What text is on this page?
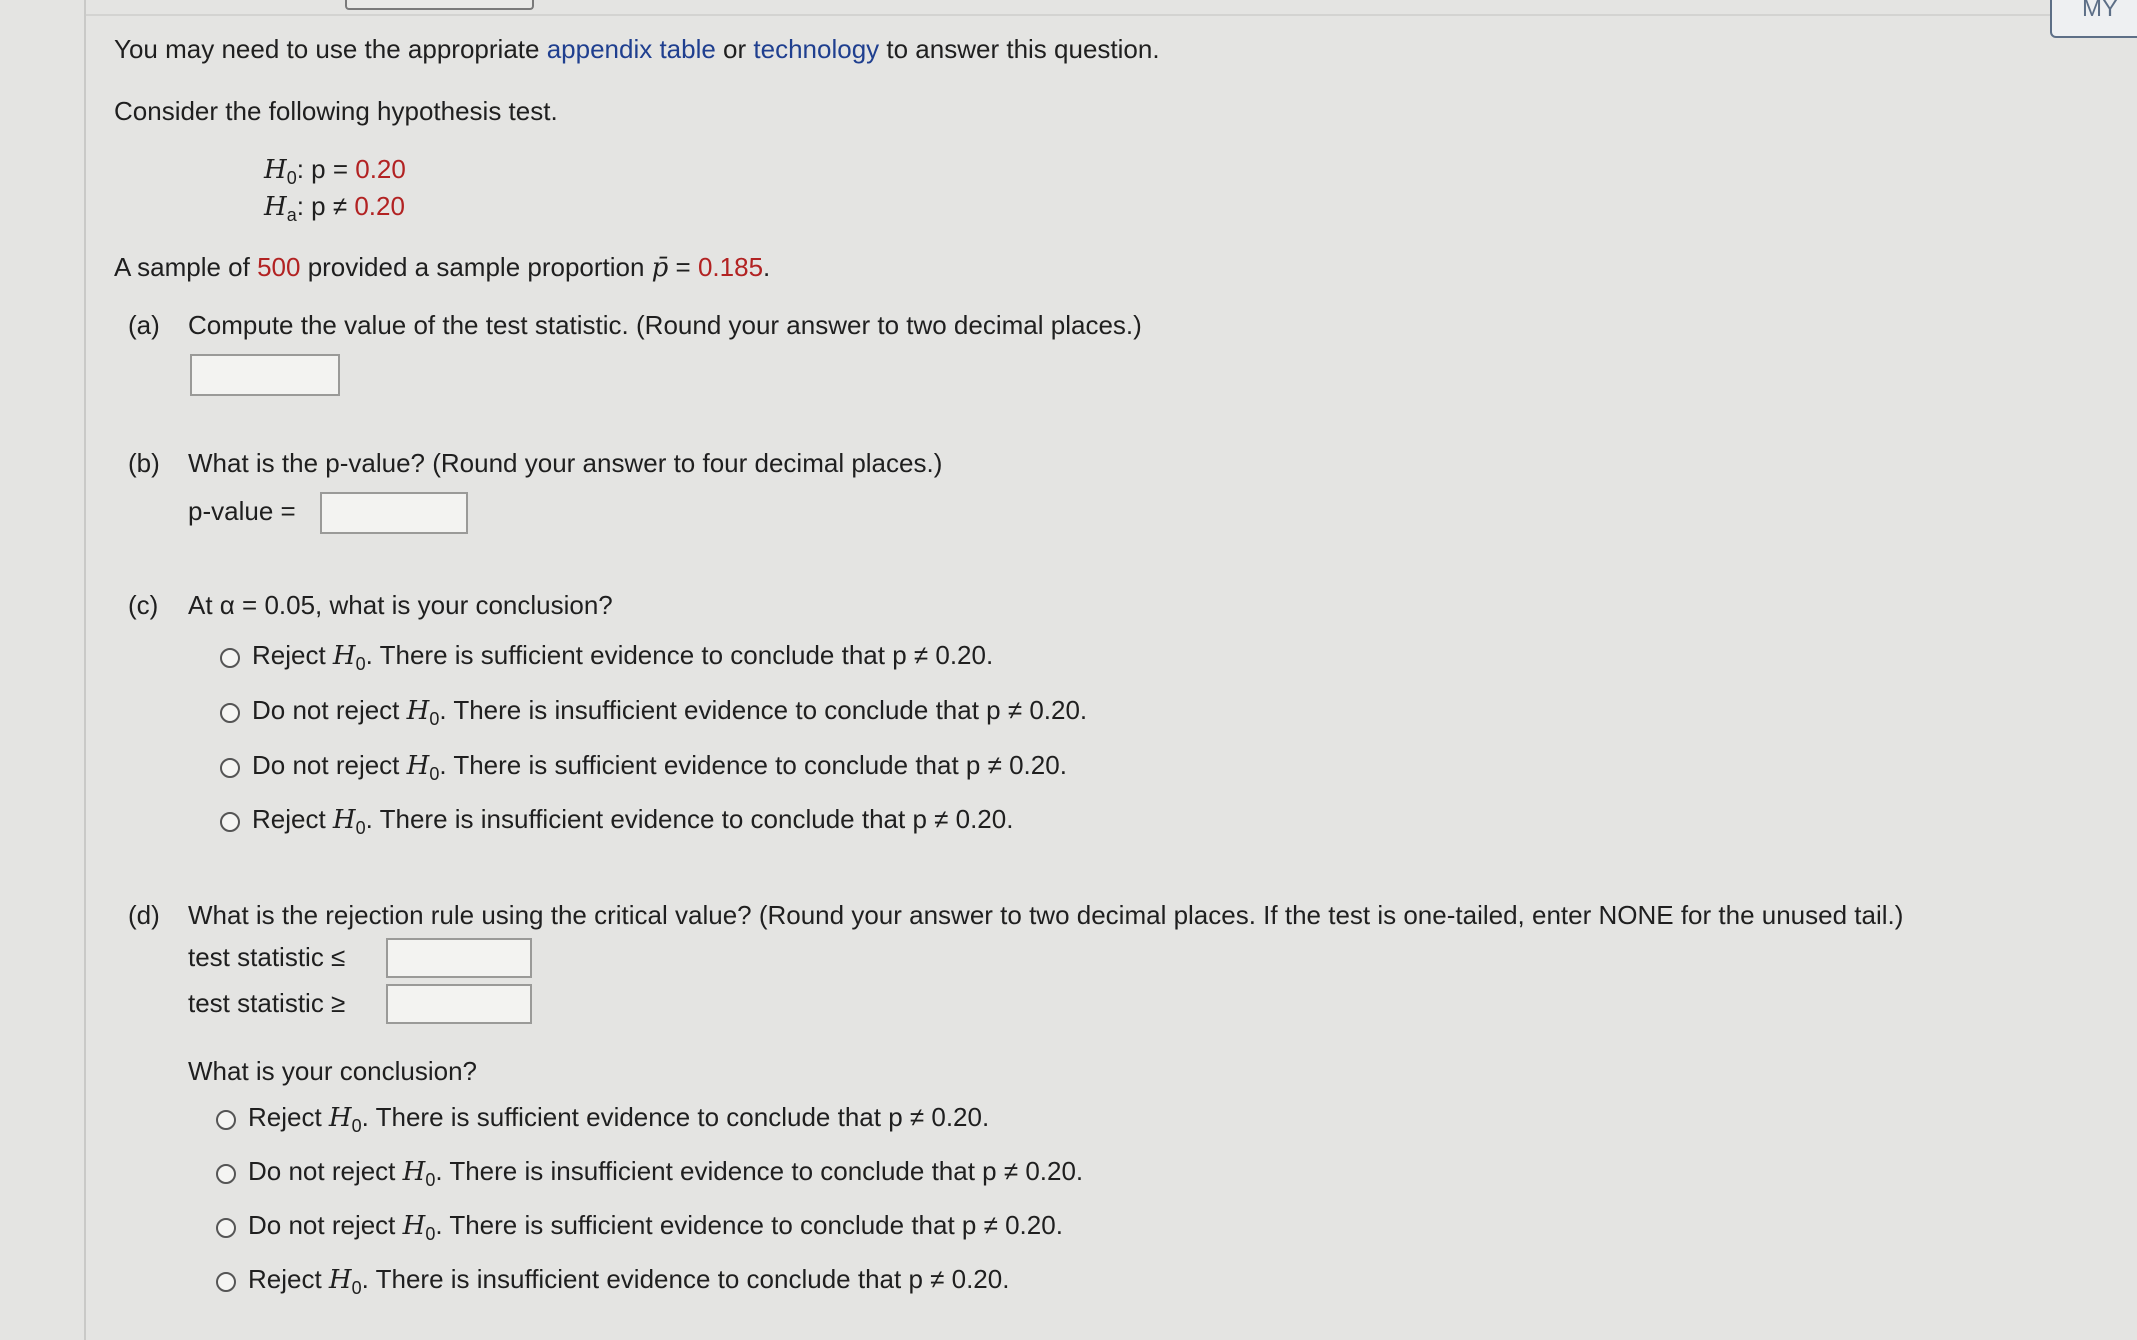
MY
You may need to use the appropriate appendix table or technology to answer this question.
Consider the following hypothesis test.
$H_0$: p = 0.20
$H_a$: p ≠ 0.20
A sample of 500 provided a sample proportion p̄ = 0.185.
(a) Compute the value of the test statistic. (Round your answer to two decimal places.)
(b) What is the p-value? (Round your answer to four decimal places.)
p-value =
(c) At α = 0.05, what is your conclusion?
Reject $H_0$. There is sufficient evidence to conclude that p ≠ 0.20.
Do not reject $H_0$. There is insufficient evidence to conclude that p ≠ 0.20.
Do not reject $H_0$. There is sufficient evidence to conclude that p ≠ 0.20.
Reject $H_0$. There is insufficient evidence to conclude that p ≠ 0.20.
(d) What is the rejection rule using the critical value? (Round your answer to two decimal places. If the test is one-tailed, enter NONE for the unused tail.)
test statistic ≤
test statistic ≥
What is your conclusion?
Reject $H_0$. There is sufficient evidence to conclude that p ≠ 0.20.
Do not reject $H_0$. There is insufficient evidence to conclude that p ≠ 0.20.
Do not reject $H_0$. There is sufficient evidence to conclude that p ≠ 0.20.
Reject $H_0$. There is insufficient evidence to conclude that p ≠ 0.20.
